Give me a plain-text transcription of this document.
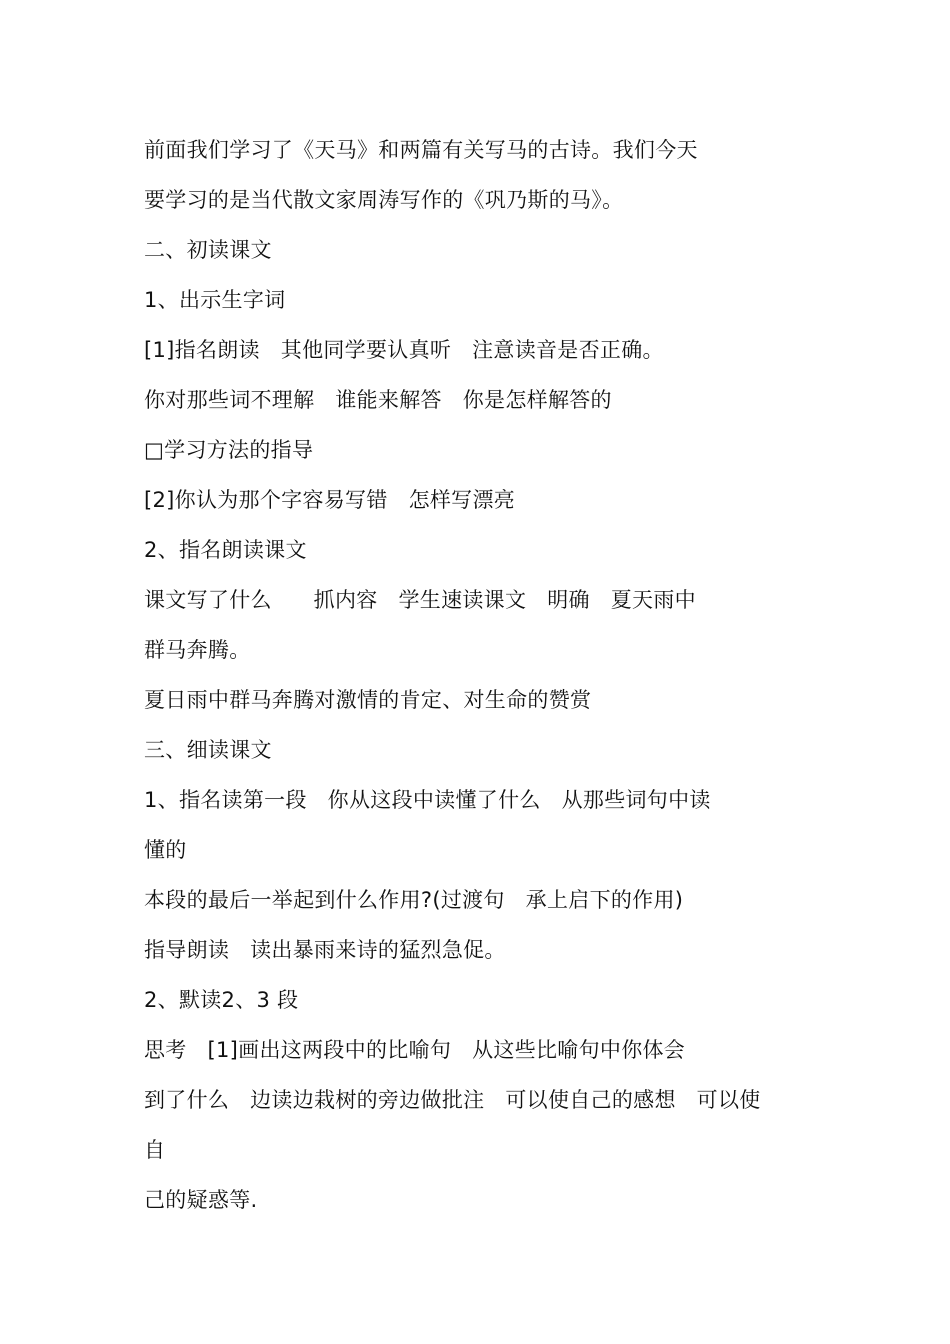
前面我们学习了《天马》和两篇有关写马的古诗。我们今天
要学习的是当代散文家周涛写作的《巩乃斯的马》。
二、初读课文
1、出示生字词
[1]指名朗读   其他同学要认真听   注意读音是否正确。
你对那些词不理解   谁能来解答   你是怎样解答的
□学习方法的指导
[2]你认为那个字容易写错   怎样写漂亮
2、指名朗读课文
课文写了什么      抓内容   学生速读课文   明确   夏天雨中
群马奔腾。
夏日雨中群马奔腾对激情的肯定、对生命的赞赏
三、细读课文
1、指名读第一段   你从这段中读懂了什么   从那些词句中读
懂的
本段的最后一举起到什么作用?(过渡句   承上启下的作用)
指导朗读   读出暴雨来诗的猛烈急促。
2、默读2、3 段
思考   [1]画出这两段中的比喻句   从这些比喻句中你体会
到了什么   边读边栽树的旁边做批注   可以使自己的感想   可以使
自
己的疑惑等.
